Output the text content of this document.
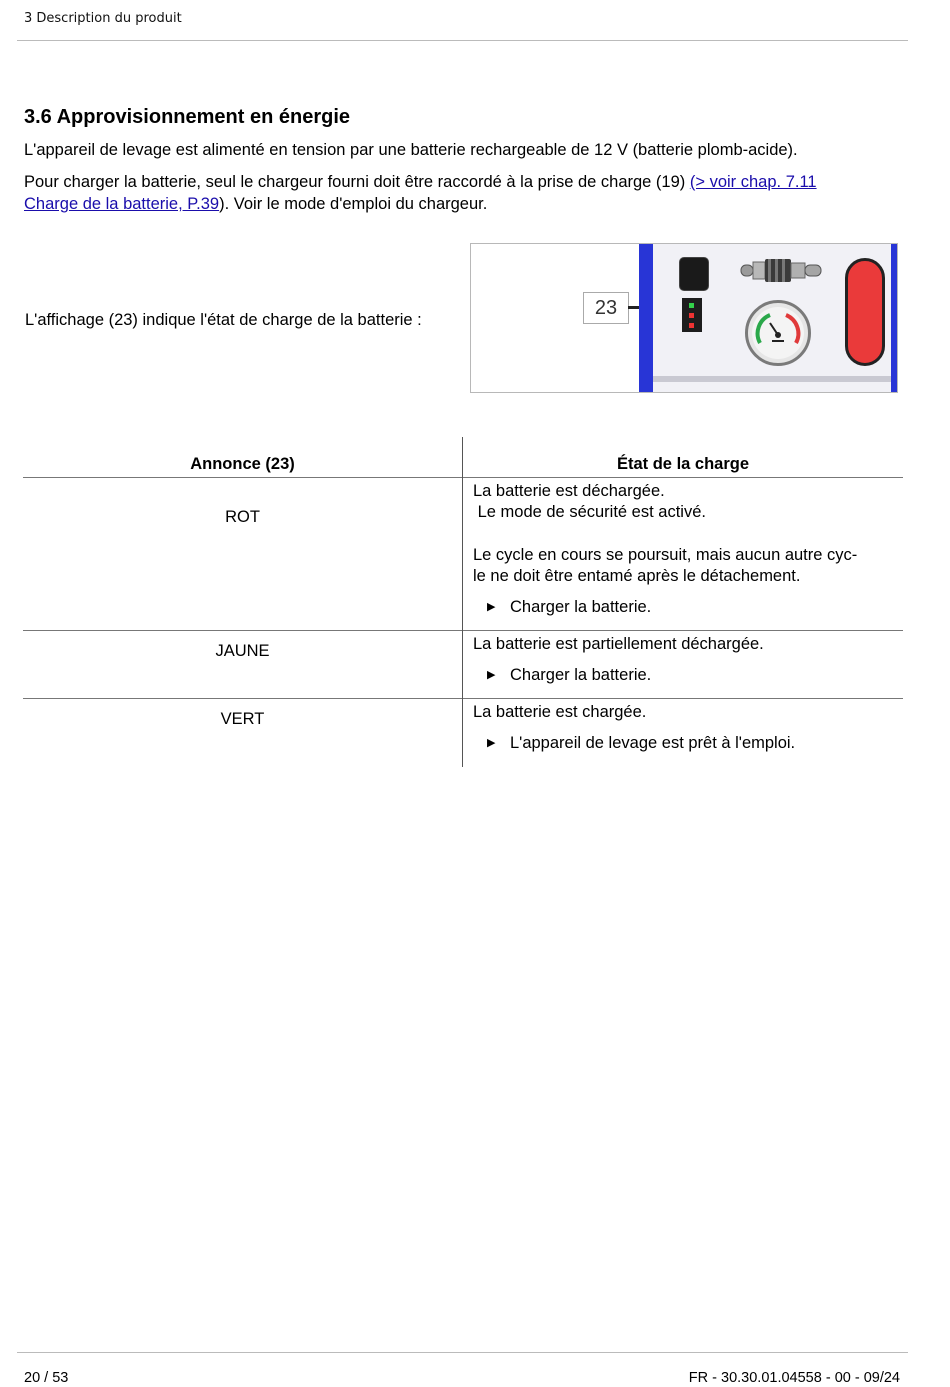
3 Description du produit
3.6 Approvisionnement en énergie

L'appareil de levage est alimenté en tension par une batterie rechargeable de 12 V (batterie plomb-acide).

Pour charger la batterie, seul le chargeur fourni doit être raccordé à la prise de charge (19) (> voir chap. 7.11
Charge de la batterie, P.39). Voir le mode d'emploi du chargeur.

L'affichage (23) indique l'état de charge de la batterie :
23
Annonce (23)	État de la charge
ROT	La batterie est déchargée.
Le mode de sécurité est activé.
Le cycle en cours se poursuit, mais aucun autre cyc-
le ne doit être entamé après le détachement.
▶ Charger la batterie.

JAUNE	La batterie est partiellement déchargée.
▶ Charger la batterie.

VERT	La batterie est chargée.
▶ L'appareil de levage est prêt à l'emploi.
20 / 53	FR - 30.30.01.04558 - 00 - 09/24
